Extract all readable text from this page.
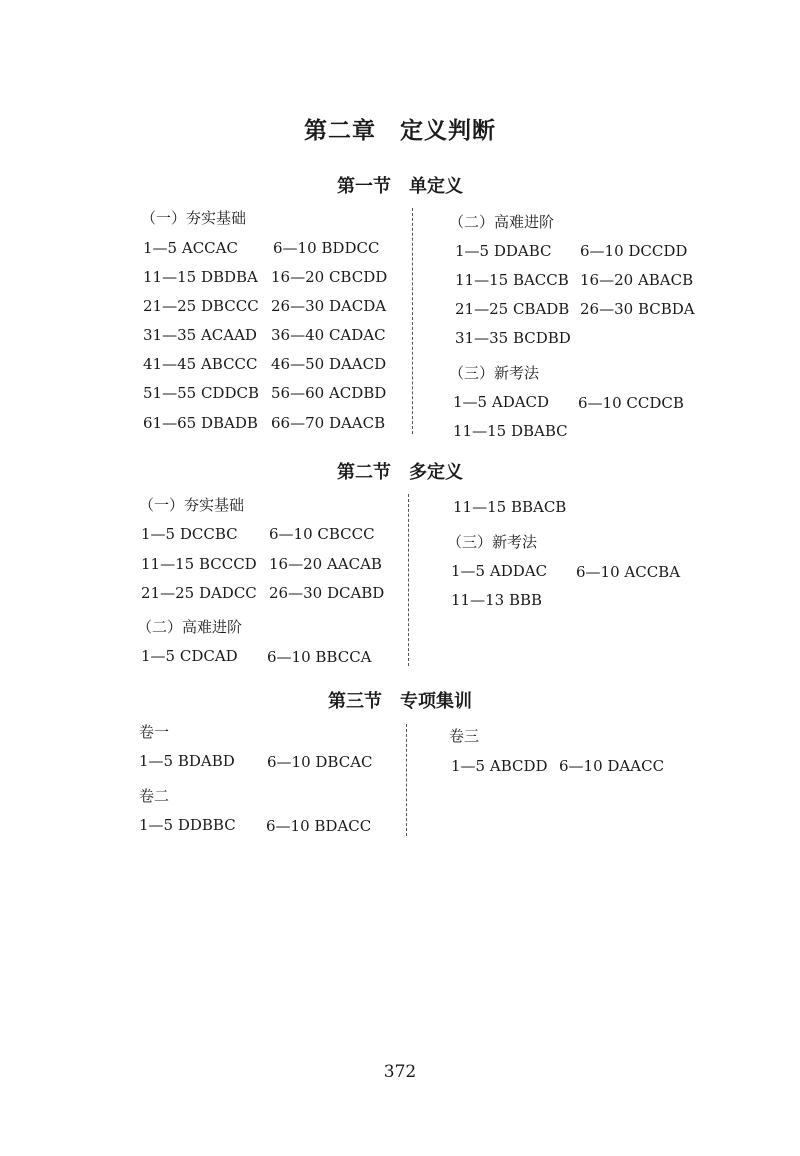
第二章　定义判断
第一节　单定义
（一）夯实基础
1—5 ACCAC 6—10 BDDCC
11—15 DBDBA 16—20 CBCDD
21—25 DBCCC 26—30 DACDA
31—35 ACAAD 36—40 CADAC
41—45 ABCCC 46—50 DAACD
51—55 CDDCB 56—60 ACDBD
61—65 DBADB 66—70 DAACB
（二）高难进阶
1—5 DDABC 6—10 DCCDD
11—15 BACCB 16—20 ABACB
21—25 CBADB 26—30 BCBDA
31—35 BCDBD
（三）新考法
1—5 ADACD 6—10 CCDCB
11—15 DBABC
第二节　多定义
（一）夯实基础
1—5 DCCBC 6—10 CBCCC
11—15 BCCCD 16—20 AACAB
21—25 DADCC 26—30 DCABD
（二）高难进阶
1—5 CDCAD 6—10 BBCCA
11—15 BBACB
（三）新考法
1—5 ADDAC 6—10 ACCBA
11—13 BBB
第三节　专项集训
卷一
1—5 BDABD 6—10 DBCAC
卷二
1—5 DDBBC 6—10 BDACC
卷三
1—5 ABCDD 6—10 DAACC
372
